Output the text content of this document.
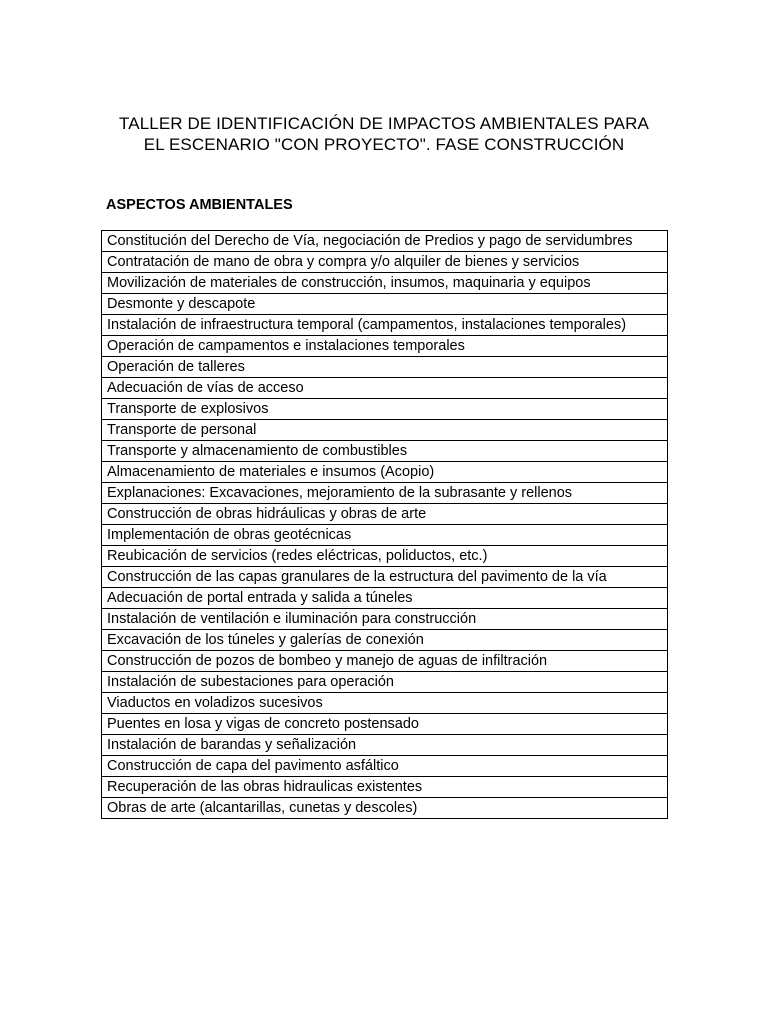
TALLER DE IDENTIFICACIÓN DE IMPACTOS AMBIENTALES PARA
EL ESCENARIO "CON PROYECTO". FASE CONSTRUCCIÓN
ASPECTOS AMBIENTALES
Constitución del Derecho de Vía, negociación de Predios y pago de servidumbres
Contratación de mano de obra y compra y/o alquiler de bienes y servicios
Movilización de materiales de construcción, insumos, maquinaria y equipos
Desmonte y descapote
Instalación de infraestructura temporal (campamentos, instalaciones temporales)
Operación de campamentos e instalaciones temporales
Operación de talleres
Adecuación de vías de acceso
Transporte de explosivos
Transporte de personal
Transporte y almacenamiento de combustibles
Almacenamiento de materiales e insumos (Acopio)
Explanaciones: Excavaciones, mejoramiento de la subrasante y rellenos
Construcción de obras hidráulicas y obras de arte
Implementación de obras geotécnicas
Reubicación de servicios (redes eléctricas, poliductos, etc.)
Construcción de las capas granulares de la estructura del pavimento de la vía
Adecuación de portal entrada y salida a túneles
Instalación de ventilación e iluminación para construcción
Excavación de los túneles y galerías de conexión
Construcción de pozos de bombeo y manejo de aguas de infiltración
Instalación de subestaciones para operación
Viaductos en voladizos sucesivos
Puentes en losa y vigas de concreto postensado
Instalación de barandas y señalización
Construcción de capa del pavimento asfáltico
Recuperación de las obras hidraulicas existentes
Obras de arte (alcantarillas, cunetas y descoles)
